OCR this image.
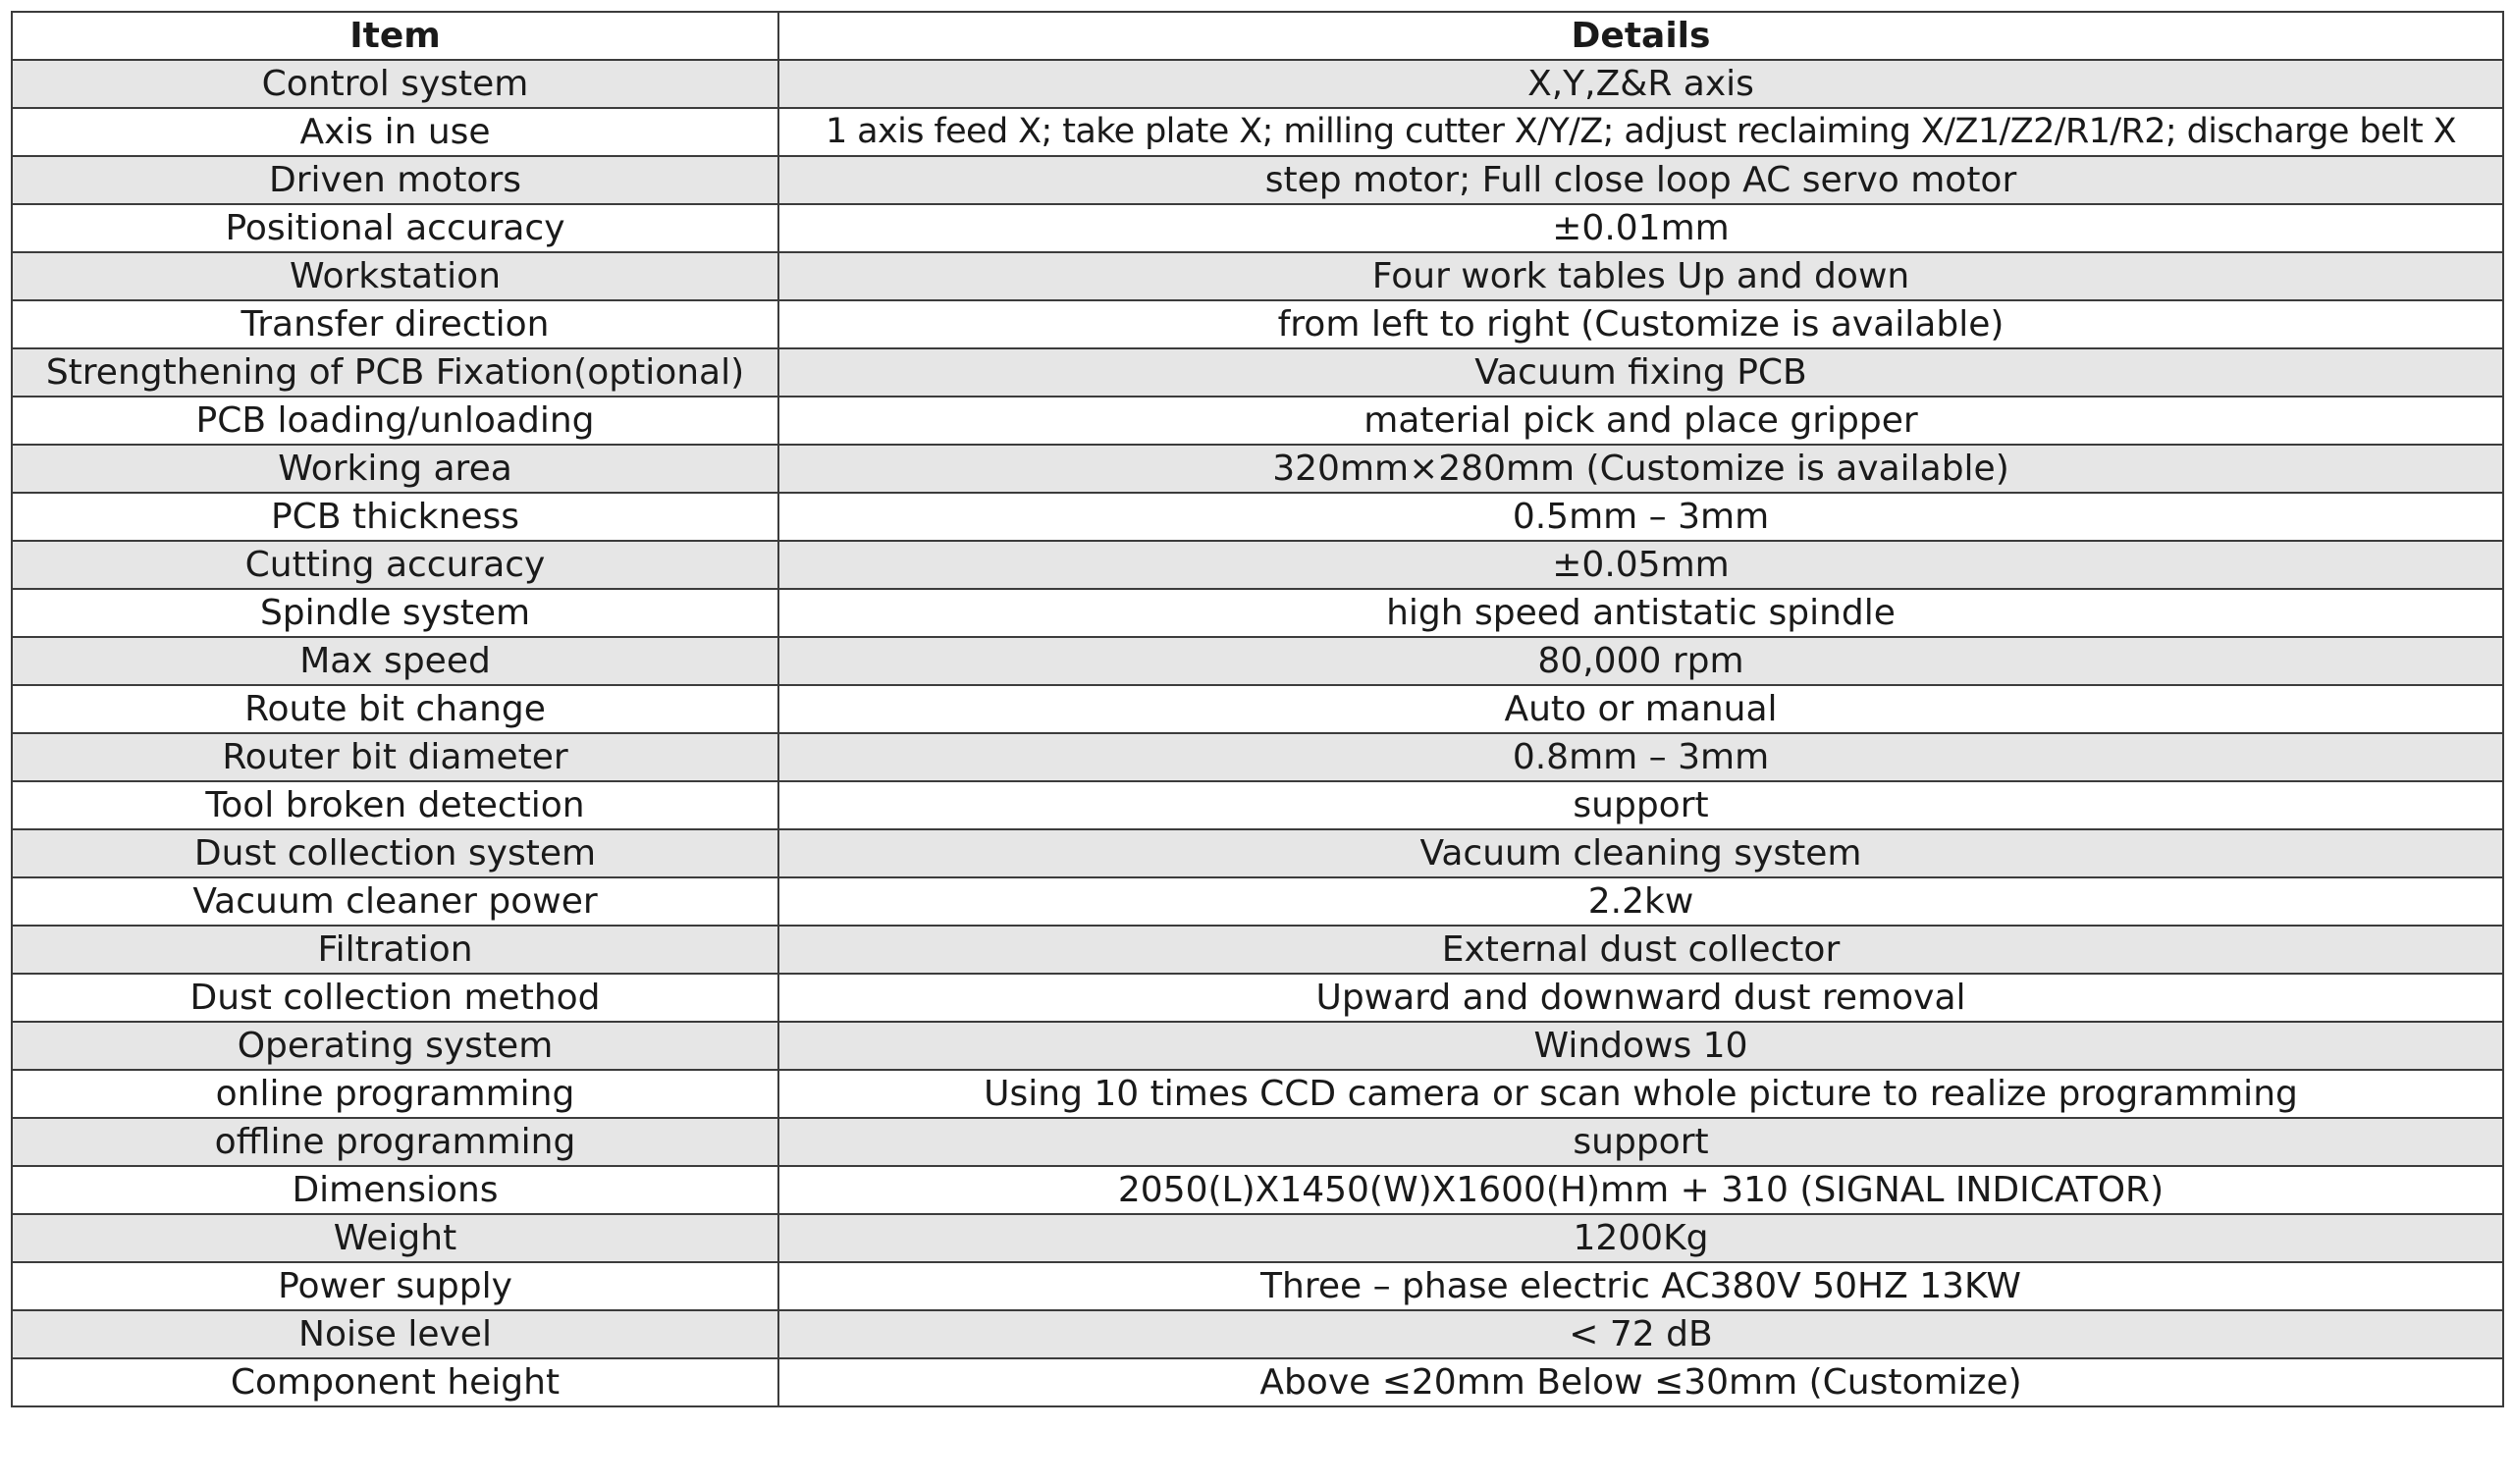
Item	Details
Control system	X,Y,Z&R axis
Axis in use	1 axis feed X; take plate X; milling cutter X/Y/Z; adjust reclaiming X/Z1/Z2/R1/R2; discharge belt X
Driven motors	step motor; Full close loop AC servo motor
Positional accuracy	±0.01mm
Workstation	Four work tables Up and down
Transfer direction	from left to right (Customize is available)
Strengthening of PCB Fixation(optional)	Vacuum fixing PCB
PCB loading/unloading	material pick and place gripper
Working area	320mm×280mm (Customize is available)
PCB thickness	0.5mm – 3mm
Cutting accuracy	±0.05mm
Spindle system	high speed antistatic spindle
Max speed	80,000 rpm
Route bit change	Auto or manual
Router bit diameter	0.8mm – 3mm
Tool broken detection	support
Dust collection system	Vacuum cleaning system
Vacuum cleaner power	2.2kw
Filtration	External dust collector
Dust collection method	Upward and downward dust removal
Operating system	Windows 10
online programming	Using 10 times CCD camera or scan whole picture to realize programming
offline programming	support
Dimensions	2050(L)X1450(W)X1600(H)mm + 310 (SIGNAL INDICATOR)
Weight	1200Kg
Power supply	Three – phase electric AC380V 50HZ 13KW
Noise level	< 72 dB
Component height	Above ≤20mm Below ≤30mm (Customize)
